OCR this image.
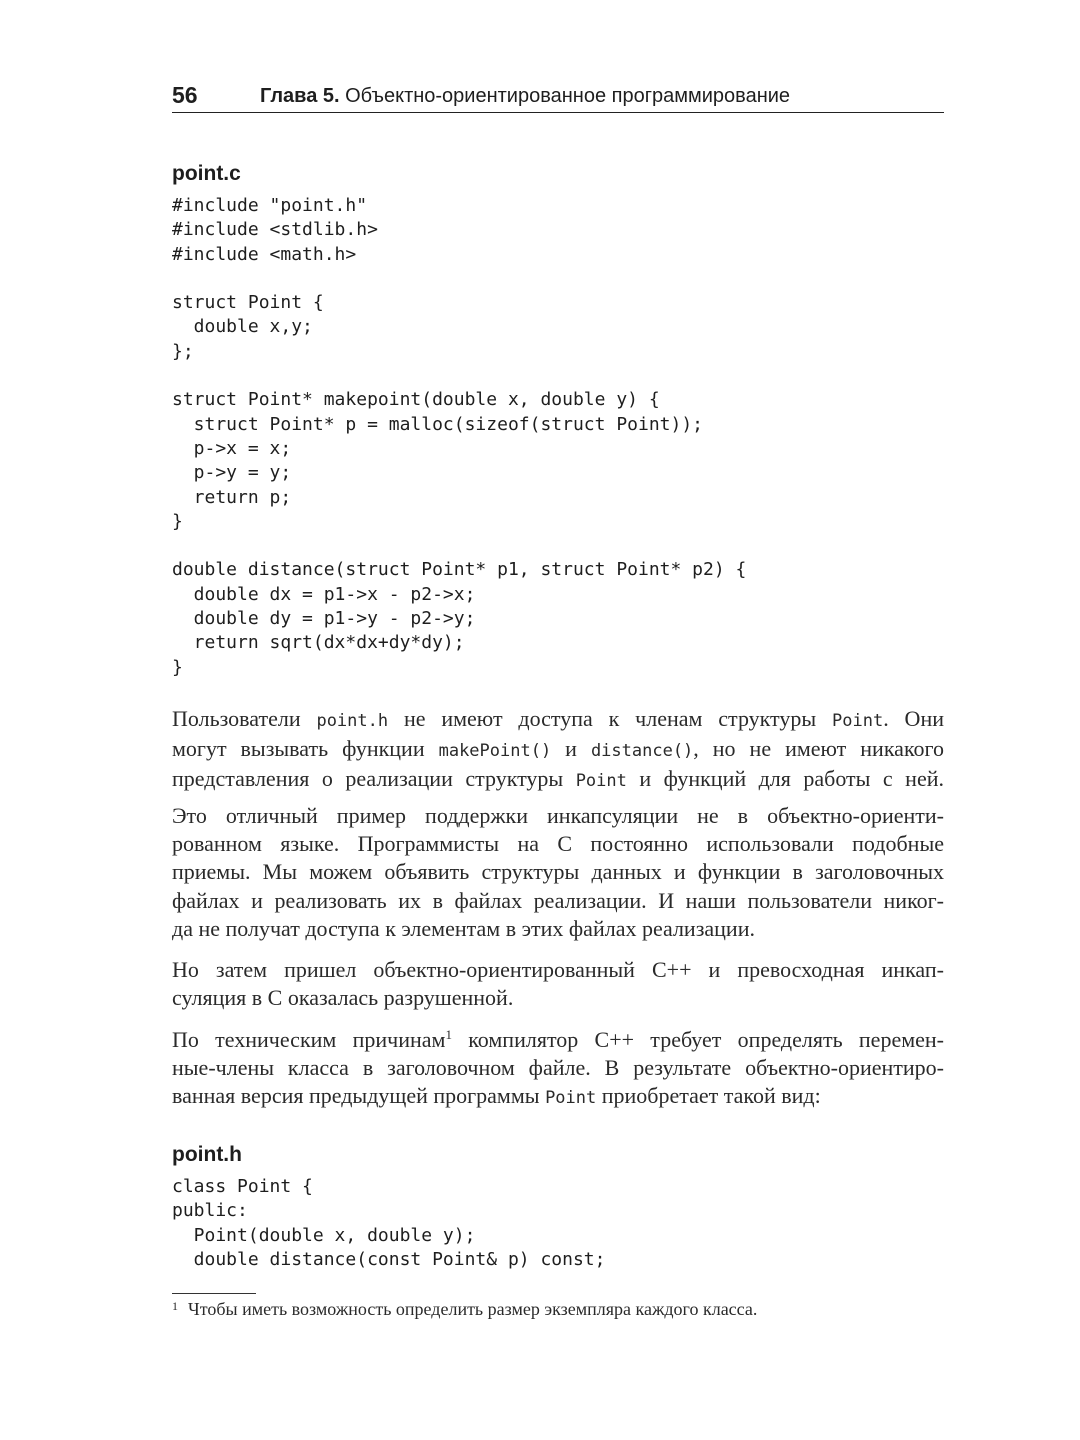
56	Глава 5. Объектно-ориентированное программирование
point.c
#include "point.h"
#include <stdlib.h>
#include <math.h>

struct Point {
double x,y;
};

struct Point* makepoint(double x, double y) {
struct Point* p = malloc(sizeof(struct Point));
p->x = x;
p->y = y;
return p;
}

double distance(struct Point* p1, struct Point* p2) {
double dx = p1->x - p2->x;
double dy = p1->y - p2->y;
return sqrt(dx*dx+dy*dy);
}

Пользователи point.h не имеют доступа к членам структуры Point. Они
могут вызывать функции makePoint() и distance(), но не имеют никакого
представления о реализации структуры Point и функций для работы с ней.

Это отличный пример поддержки инкапсуляции не в объектно-ориенти-
рованном языке. Программисты на С постоянно использовали подобные
приемы. Мы можем объявить структуры данных и функции в заголовочных
файлах и реализовать их в файлах реализации. И наши пользователи никог-
да не получат доступа к элементам в этих файлах реализации.

Но затем пришел объектно-ориентированный С++ и превосходная инкап-
суляция в С оказалась разрушенной.

По техническим причинам$^1$ компилятор С++ требует определять перемен-
ные-члены класса в заголовочном файле. В результате объектно-ориентиро-
ванная версия предыдущей программы Point приобретает такой вид:

point.h
class Point {
public:
Point(double x, double y);
double distance(const Point& p) const;
$^1$ Чтобы иметь возможность определить размер экземпляра каждого класса.
